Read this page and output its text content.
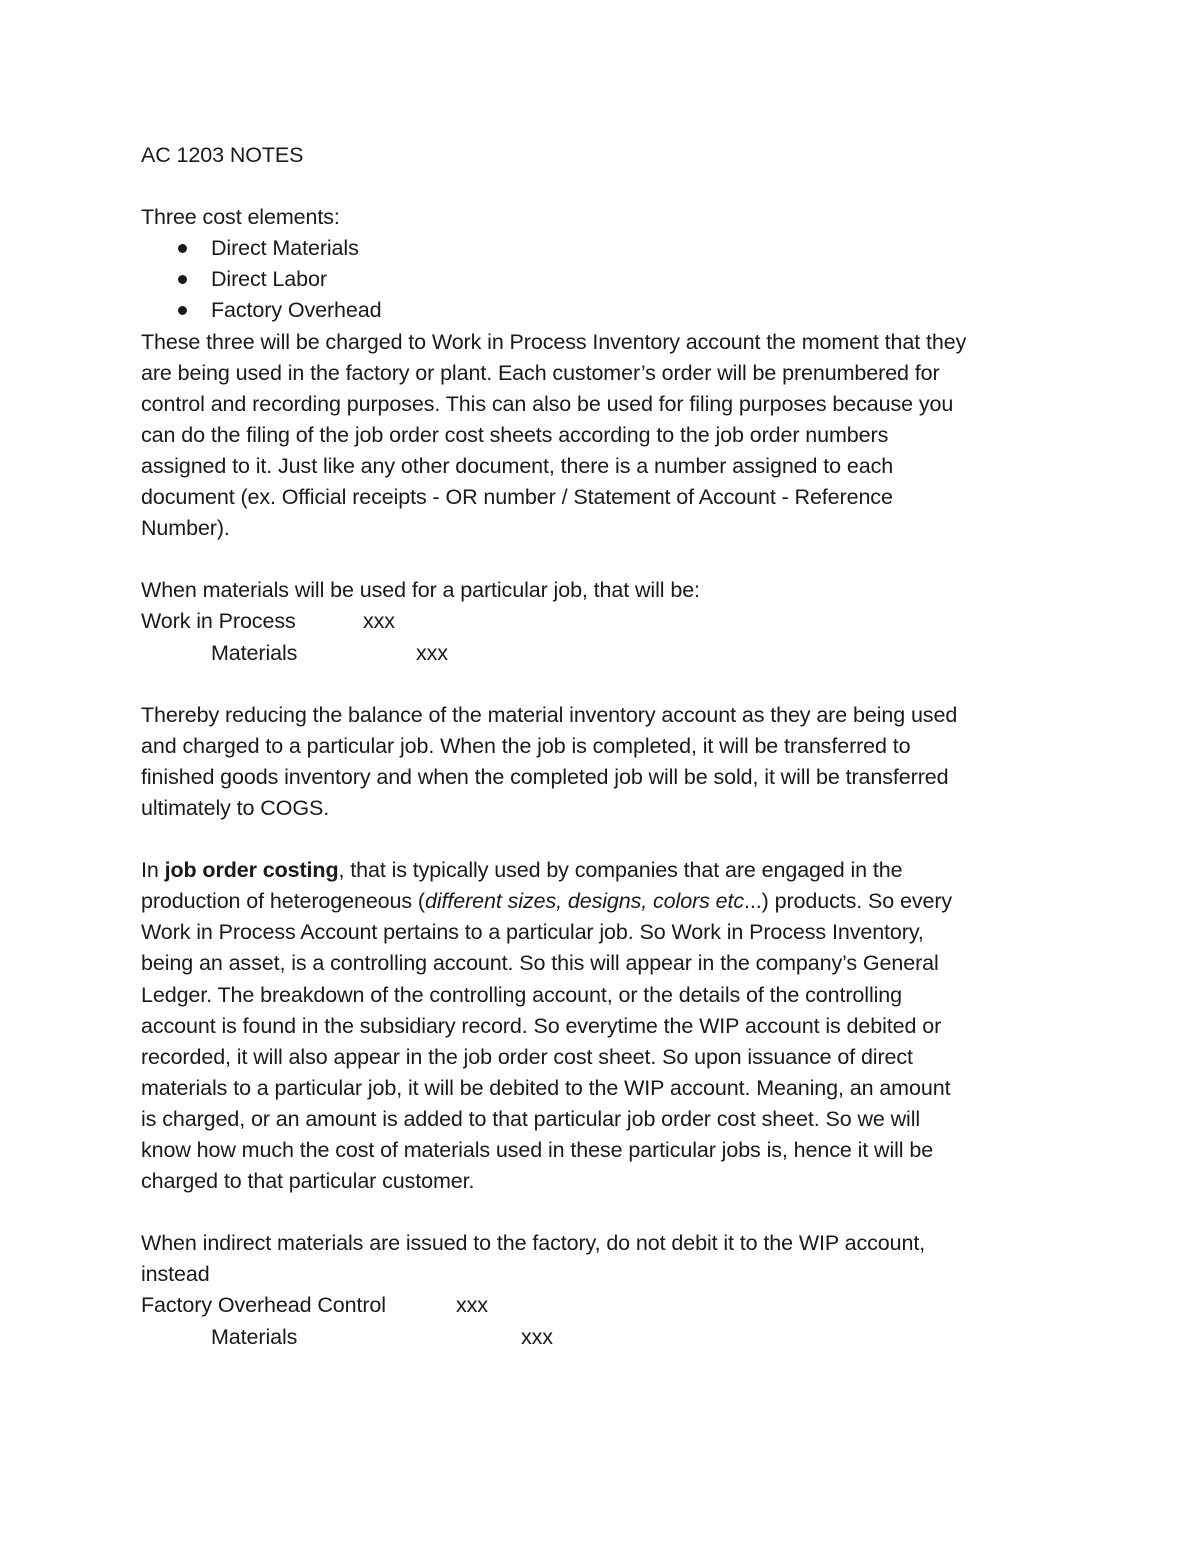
AC 1203 NOTES
Three cost elements:
Direct Materials
Direct Labor
Factory Overhead
These three will be charged to Work in Process Inventory account the moment that they
are being used in the factory or plant. Each customer’s order will be prenumbered for
control and recording purposes. This can also be used for filing purposes because you
can do the filing of the job order cost sheets according to the job order numbers
assigned to it. Just like any other document, there is a number assigned to each
document (ex. Official receipts - OR number / Statement of Account - Reference
Number).
When materials will be used for a particular job, that will be:
Work in Process	xxx
Materials	xxx
Thereby reducing the balance of the material inventory account as they are being used
and charged to a particular job. When the job is completed, it will be transferred to
finished goods inventory and when the completed job will be sold, it will be transferred
ultimately to COGS.
In job order costing, that is typically used by companies that are engaged in the
production of heterogeneous (different sizes, designs, colors etc...) products. So every
Work in Process Account pertains to a particular job. So Work in Process Inventory,
being an asset, is a controlling account. So this will appear in the company’s General
Ledger. The breakdown of the controlling account, or the details of the controlling
account is found in the subsidiary record. So everytime the WIP account is debited or
recorded, it will also appear in the job order cost sheet. So upon issuance of direct
materials to a particular job, it will be debited to the WIP account. Meaning, an amount
is charged, or an amount is added to that particular job order cost sheet. So we will
know how much the cost of materials used in these particular jobs is, hence it will be
charged to that particular customer.
When indirect materials are issued to the factory, do not debit it to the WIP account,
instead
Factory Overhead Control	xxx
Materials	xxx
